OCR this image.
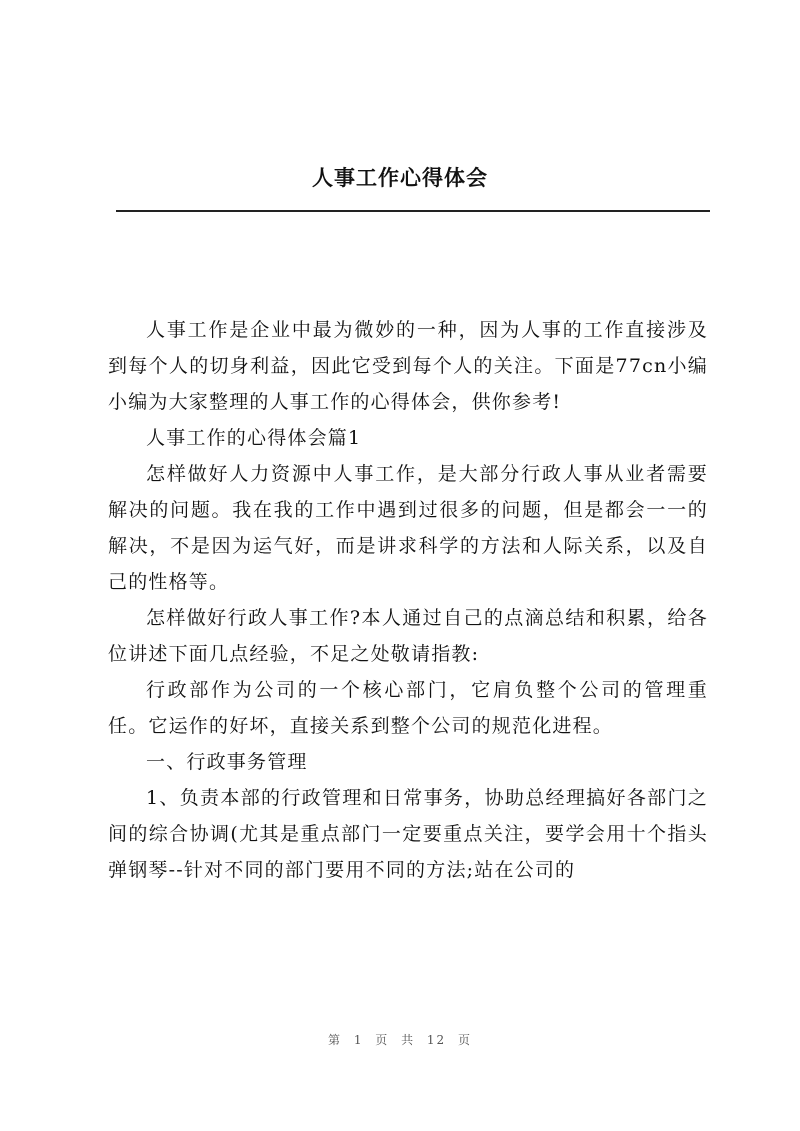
人事工作心得体会

人事工作是企业中最为微妙的一种，因为人事的工作直接涉及到每个人的切身利益，因此它受到每个人的关注。下面是77cn小编小编为大家整理的人事工作的心得体会，供你参考!

人事工作的心得体会篇1

怎样做好人力资源中人事工作，是大部分行政人事从业者需要解决的问题。我在我的工作中遇到过很多的问题，但是都会一一的解决，不是因为运气好，而是讲求科学的方法和人际关系，以及自己的性格等。

怎样做好行政人事工作?本人通过自己的点滴总结和积累，给各位讲述下面几点经验，不足之处敬请指教:

行政部作为公司的一个核心部门，它肩负整个公司的管理重任。它运作的好坏，直接关系到整个公司的规范化进程。

一、行政事务管理

1、负责本部的行政管理和日常事务，协助总经理搞好各部门之间的综合协调(尤其是重点部门一定要重点关注，要学会用十个指头弹钢琴--针对不同的部门要用不同的方法;站在公司的

第 1 页 共 12 页
